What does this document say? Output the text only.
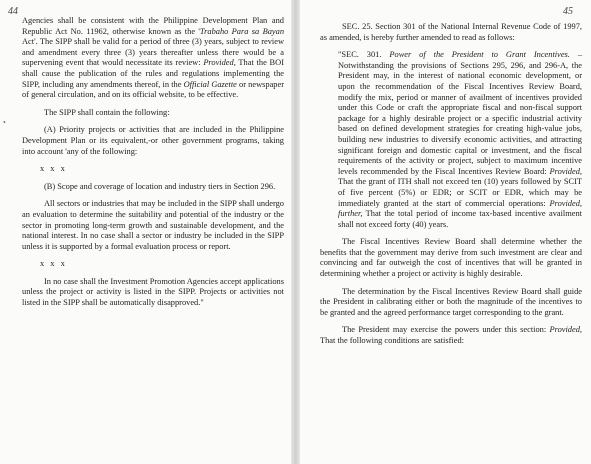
44
•

Agencies shall be consistent with the Philippine Development Plan and Republic Act No. 11962, otherwise known as the 'Trabaho Para sa Bayan Act'. The SIPP shall be valid for a period of three (3) years, subject to review and amendment every three (3) years thereafter unless there would be a supervening event that would necessitate its review: Provided, That the BOI shall cause the publication of the rules and regulations implementing the SIPP, including any amendments thereof, in the Official Gazette or newspaper of general circulation, and on its official website, to be effective.

The SIPP shall contain the following:

(A) Priority projects or activities that are included in the Philippine Development Plan or its equivalent,-or other government programs, taking into account 'any of the following:

x x x

(B) Scope and coverage of location and industry tiers in Section 296.

All sectors or industries that may be included in the SIPP shall undergo an evaluation to determine the suitability and potential of the industry or the sector in promoting long-term growth and sustainable development, and the national interest. In no case shall a sector or industry be included in the SIPP unless it is supported by a formal evaluation process or report.

x x x

In no case shall the Investment Promotion Agencies accept applications unless the project or activity is listed in the SIPP. Projects or activities not listed in the SIPP shall be automatically disapproved."

45

SEC. 25. Section 301 of the National Internal Revenue Code of 1997, as amended, is hereby further amended to read as follows:

"SEC. 301. Power of the President to Grant Incentives. – Notwithstanding the provisions of Sections 295, 296, and 296-A, the President may, in the interest of national economic development, or upon the recommendation of the Fiscal Incentives Review Board, modify the mix, period or manner of availment of incentives provided under this Code or craft the appropriate fiscal and non-fiscal support package for a highly desirable project or a specific industrial activity based on defined development strategies for creating high-value jobs, building new industries to diversify economic activities, and attracting significant foreign and domestic capital or investment, and the fiscal requirements of the activity or project, subject to maximum incentive levels recommended by the Fiscal Incentives Review Board: Provided, That the grant of ITH shall not exceed ten (10) years followed by SCIT of five percent (5%) or EDR; or SCIT or EDR, which may be immediately granted at the start of commercial operations: Provided, further, That the total period of income tax-based incentive availment shall not exceed forty (40) years.

The Fiscal Incentives Review Board shall determine whether the benefits that the government may derive from such investment are clear and convincing and far outweigh the cost of incentives that will be granted in determining whether a project or activity is highly desirable.

The determination by the Fiscal Incentives Review Board shall guide the President in calibrating either or both the magnitude of the incentives to be granted and the agreed performance target corresponding to the grant.

The President may exercise the powers under this section: Provided, That the following conditions are satisfied:
